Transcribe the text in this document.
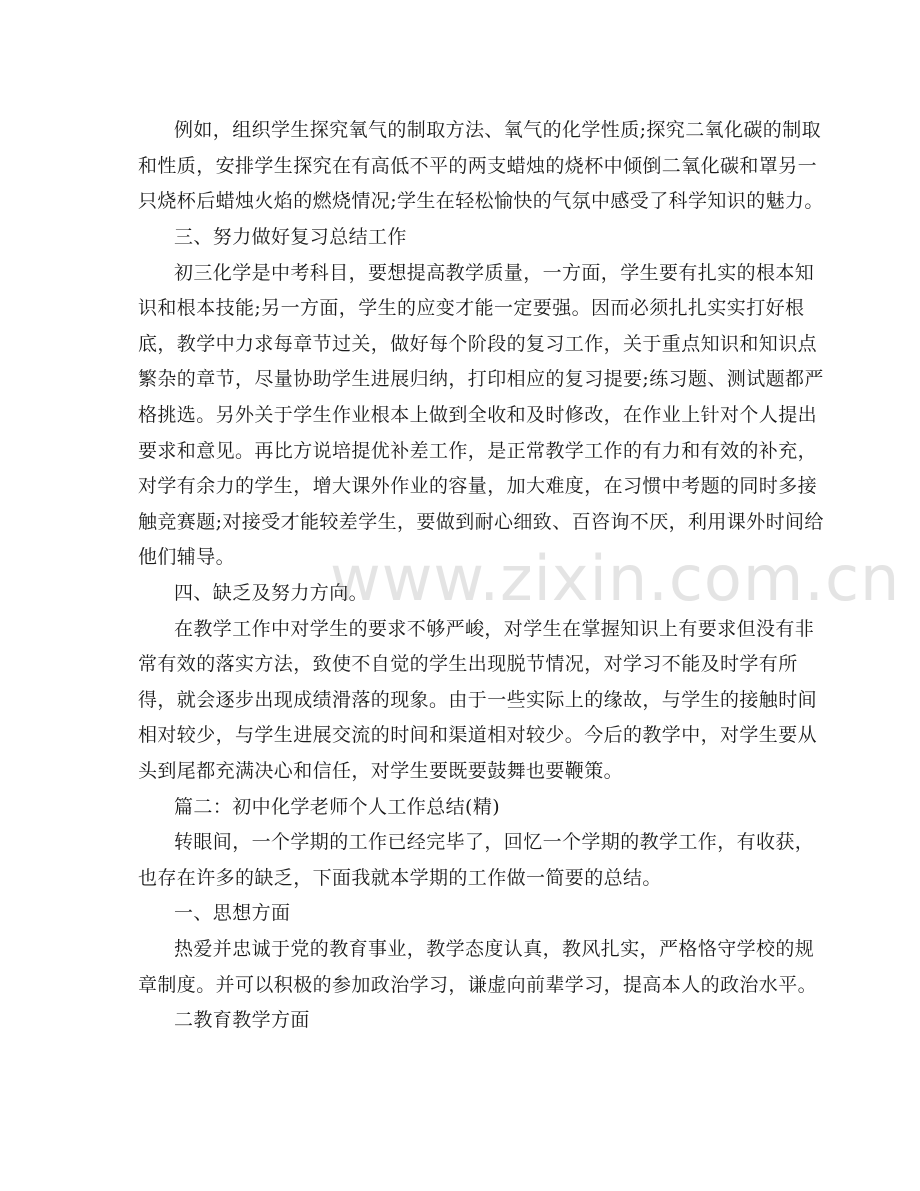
www.zixin.com.cn
例如，组织学生探究氧气的制取方法、氧气的化学性质;探究二氧化碳的制取
和性质，安排学生探究在有高低不平的两支蜡烛的烧杯中倾倒二氧化碳和罩另一
只烧杯后蜡烛火焰的燃烧情况;学生在轻松愉快的气氛中感受了科学知识的魅力。
三、努力做好复习总结工作
初三化学是中考科目，要想提高教学质量，一方面，学生要有扎实的根本知
识和根本技能;另一方面，学生的应变才能一定要强。因而必须扎扎实实打好根
底，教学中力求每章节过关，做好每个阶段的复习工作，关于重点知识和知识点
繁杂的章节，尽量协助学生进展归纳，打印相应的复习提要;练习题、测试题都严
格挑选。另外关于学生作业根本上做到全收和及时修改，在作业上针对个人提出
要求和意见。再比方说培提优补差工作，是正常教学工作的有力和有效的补充，
对学有余力的学生，增大课外作业的容量，加大难度，在习惯中考题的同时多接
触竞赛题;对接受才能较差学生，要做到耐心细致、百咨询不厌，利用课外时间给
他们辅导。
四、缺乏及努力方向。
在教学工作中对学生的要求不够严峻，对学生在掌握知识上有要求但没有非
常有效的落实方法，致使不自觉的学生出现脱节情况，对学习不能及时学有所
得，就会逐步出现成绩滑落的现象。由于一些实际上的缘故，与学生的接触时间
相对较少，与学生进展交流的时间和渠道相对较少。今后的教学中，对学生要从
头到尾都充满决心和信任，对学生要既要鼓舞也要鞭策。
篇二：初中化学老师个人工作总结(精)
转眼间，一个学期的工作已经完毕了，回忆一个学期的教学工作，有收获，
也存在许多的缺乏，下面我就本学期的工作做一简要的总结。
一、思想方面
热爱并忠诚于党的教育事业，教学态度认真，教风扎实，严格恪守学校的规
章制度。并可以积极的参加政治学习，谦虚向前辈学习，提高本人的政治水平。
二教育教学方面
